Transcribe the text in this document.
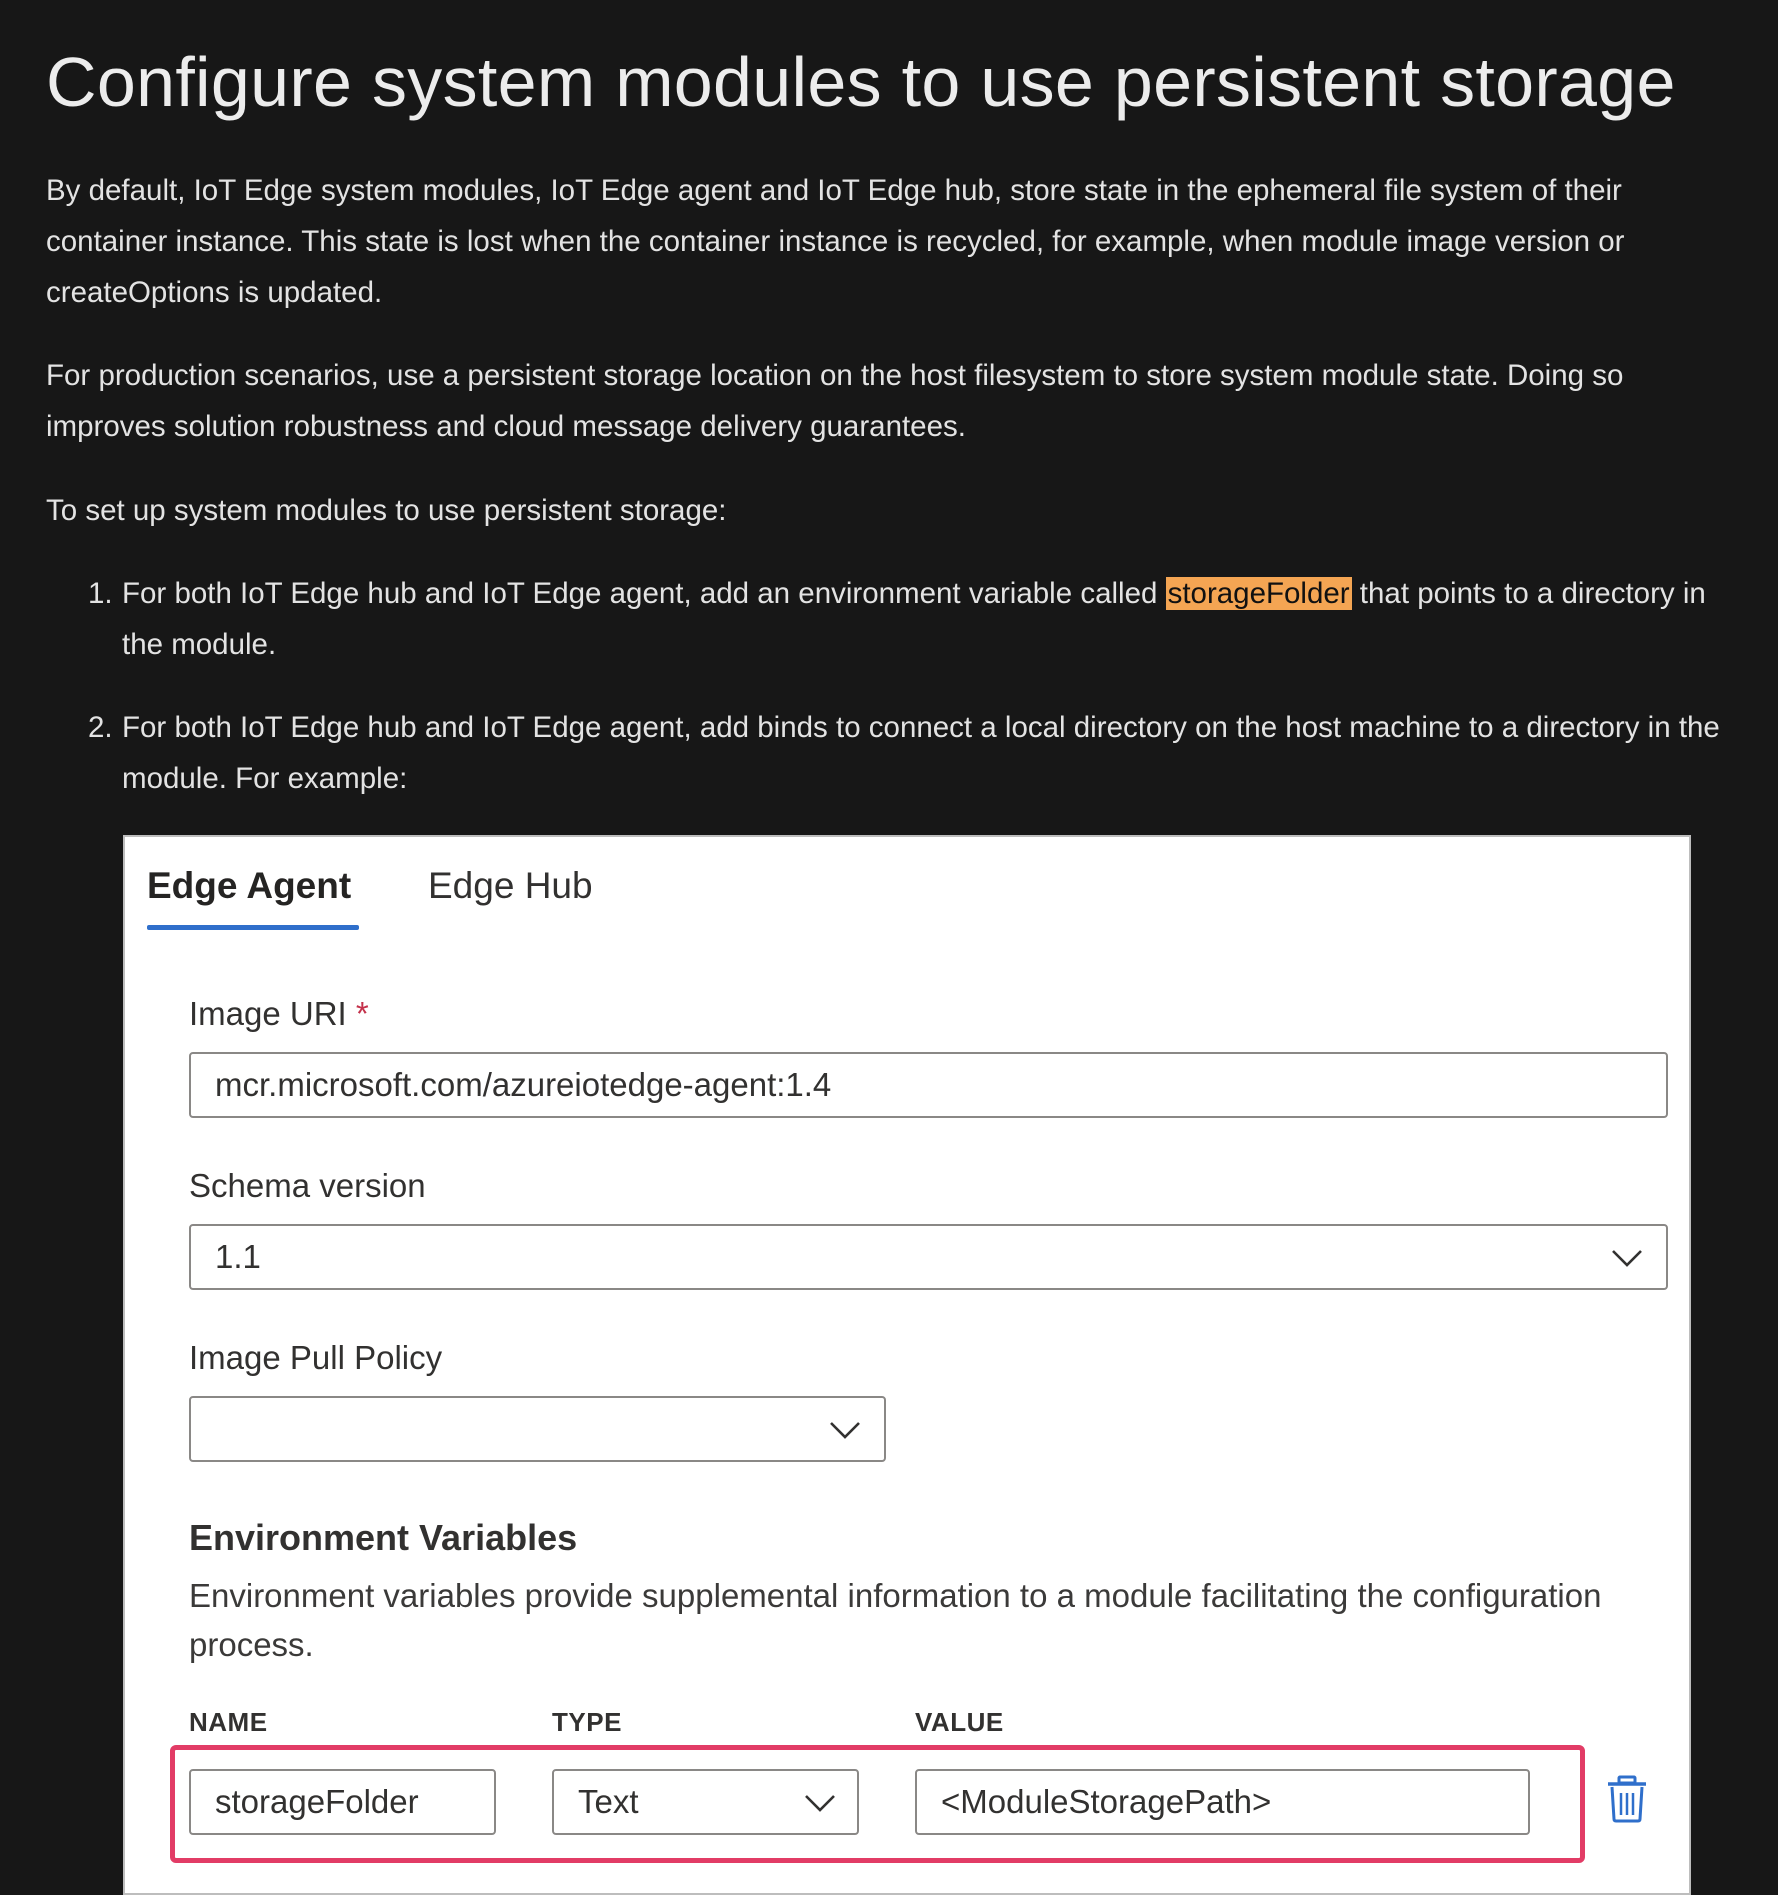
Configure system modules to use persistent storage

By default, IoT Edge system modules, IoT Edge agent and IoT Edge hub, store state in the ephemeral file system of their container instance. This state is lost when the container instance is recycled, for example, when module image version or createOptions is updated.

For production scenarios, use a persistent storage location on the host filesystem to store system module state. Doing so improves solution robustness and cloud message delivery guarantees.

To set up system modules to use persistent storage:

1. For both IoT Edge hub and IoT Edge agent, add an environment variable called storageFolder that points to a directory in the module.
2. For both IoT Edge hub and IoT Edge agent, add binds to connect a local directory on the host machine to a directory in the module. For example:
Edge Agent Edge Hub
Image URI *
mcr.microsoft.com/azureiotedge-agent:1.4
Schema version
1.1
Image Pull Policy
Environment Variables

Environment variables provide supplemental information to a module facilitating the configuration process.

NAME	TYPE	VALUE
storageFolder
Text
<ModuleStoragePath>
